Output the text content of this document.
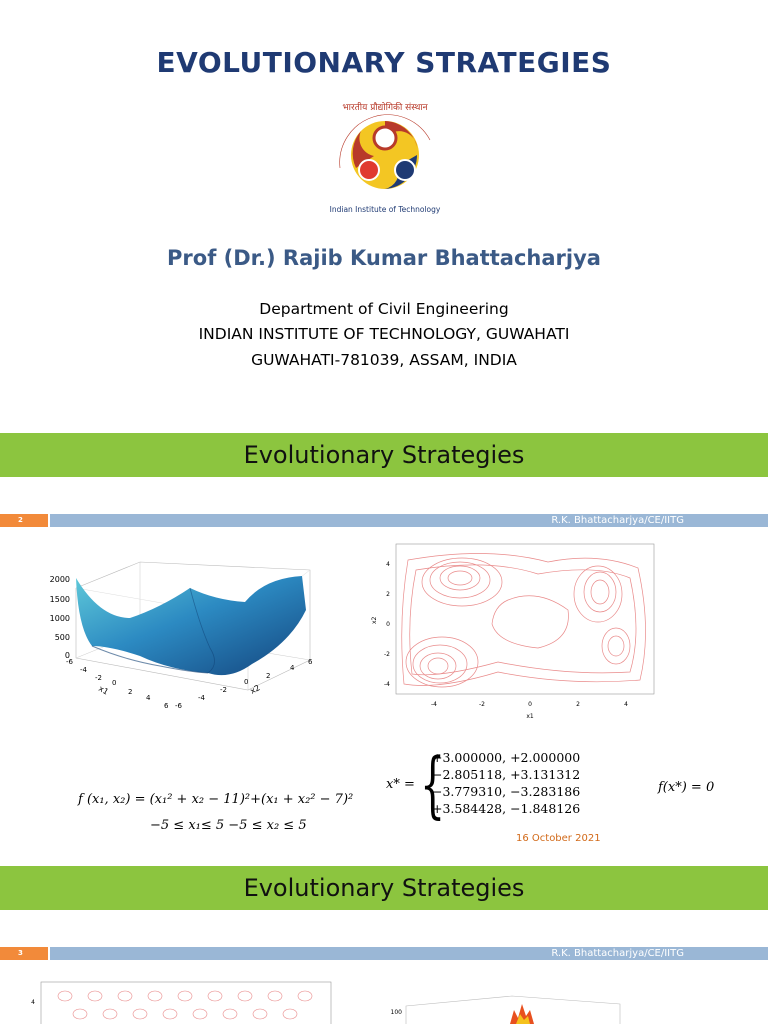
EVOLUTIONARY STRATEGIES
भारतीय प्रौद्योगिकी संस्थान
Indian Institute of Technology
Prof (Dr.) Rajib Kumar Bhattacharjya
Department of Civil Engineering
INDIAN INSTITUTE OF TECHNOLOGY, GUWAHATI
GUWAHATI-781039, ASSAM, INDIA
Evolutionary Strategies
2	R.K. Bhattacharjya/CE/IITG
2000
1500
1000
500
0
-6
-4
-2
0
2
4
6
x1
-6
-4
-2
0
2
4
6
x2
4
2
0
-2
-4
x2
-4	-2	0	2	4
x1
f (x₁, x₂) = (x₁² + x₂ − 11)²+(x₁ + x₂² − 7)²
−5 ≤ x₁≤ 5 −5 ≤ x₂ ≤ 5
x* = {
+3.000000, +2.000000
−2.805118, +3.131312
−3.779310, −3.283186
+3.584428, −1.848126
f(x*) = 0
16 October 2021
Evolutionary Strategies
3	R.K. Bhattacharjya/CE/IITG
4
100
